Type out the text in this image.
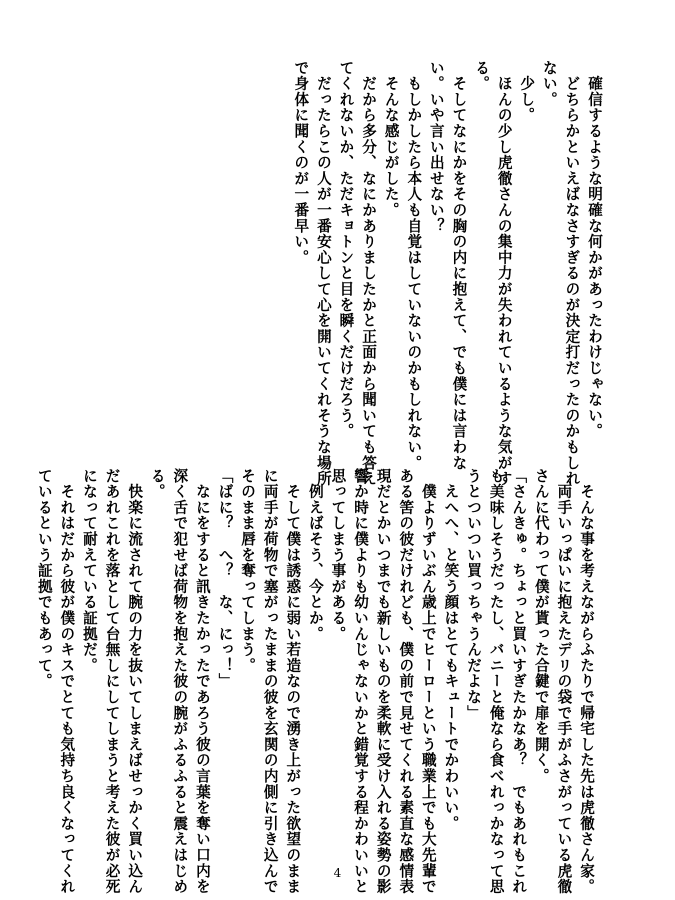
　確信するような明確な何かがあったわけじゃない。
　どちらかといえばなさすぎるのが決定打だったのかもしれ
ない。
　少し。
　ほんの少し虎徹さんの集中力が失われているような気がす
る。
　そしてなにかをその胸の内に抱えて、でも僕には言わな
い。いや言い出せない？
　もしかしたら本人も自覚はしていないのかもしれない。
　そんな感じがした。
　だから多分、なにかありましたかと正面から聞いても答え
てくれないか、ただキョトンと目を瞬くだけだろう。
　だったらこの人が一番安心して心を開いてくれそうな場所
で身体に聞くのが一番早い。
　そんな事を考えながらふたりで帰宅した先は虎徹さん家。
　両手いっぱいに抱えたデリの袋で手がふさがっている虎徹
さんに代わって僕が貰った合鍵で扉を開く。
「さんきゅ。ちょっと買いすぎたかなあ？　でもあれもこれ
も美味しそうだったし、バニーと俺なら食べれっかなって思
うとついつい買っちゃうんだよな」
　えへへ、と笑う顔はとてもキュートでかわいい。
　僕よりずいぶん歳上でヒーローという職業上でも大先輩で
ある筈の彼だけれども、僕の前で見せてくれる素直な感情表
現だとかいつまでも新しいものを柔軟に受け入れる姿勢の影
響か時に僕よりも幼いんじゃないかと錯覚する程かわいいと
思ってしまう事がある。
　例えばそう、今とか。
　そして僕は誘惑に弱い若造なので湧き上がった欲望のまま
に両手が荷物で塞がったままの彼を玄関の内側に引き込んで
そのまま唇を奪ってしまう。
「ばに？　へ？　な、にっ！」
　なにをすると訊きたかったであろう彼の言葉を奪い口内を
深く舌で犯せば荷物を抱えた彼の腕がふるふると震えはじめ
る。
　快楽に流されて腕の力を抜いてしまえばせっかく買い込ん
だあれこれを落として台無しにしてしまうと考えた彼が必死
になって耐えている証拠だ。
　それはだから彼が僕のキスでとても気持ち良くなってくれ
ているという証拠でもあって。
4
